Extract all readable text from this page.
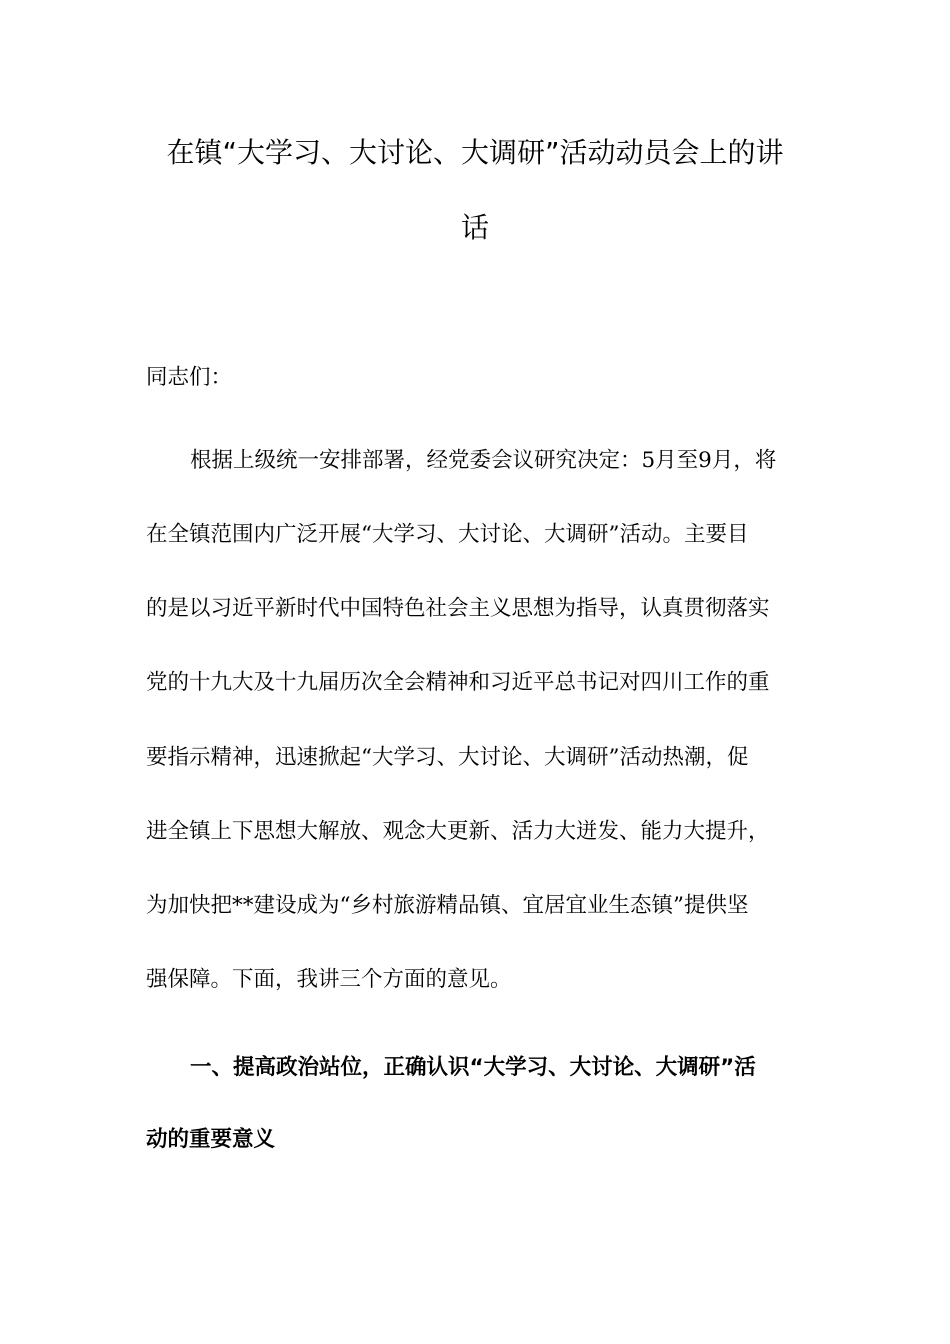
在镇“大学习、大讨论、大调研”活动动员会上的讲
话
同志们：
根据上级统一安排部署，经党委会议研究决定：5月至9月，将
在全镇范围内广泛开展“大学习、大讨论、大调研”活动。主要目
的是以习近平新时代中国特色社会主义思想为指导，认真贯彻落实
党的十九大及十九届历次全会精神和习近平总书记对四川工作的重
要指示精神，迅速掀起“大学习、大讨论、大调研”活动热潮，促
进全镇上下思想大解放、观念大更新、活力大迸发、能力大提升，
为加快把**建设成为“乡村旅游精品镇、宜居宜业生态镇”提供坚
强保障。下面，我讲三个方面的意见。
一、提高政治站位，正确认识“大学习、大讨论、大调研”活
动的重要意义
